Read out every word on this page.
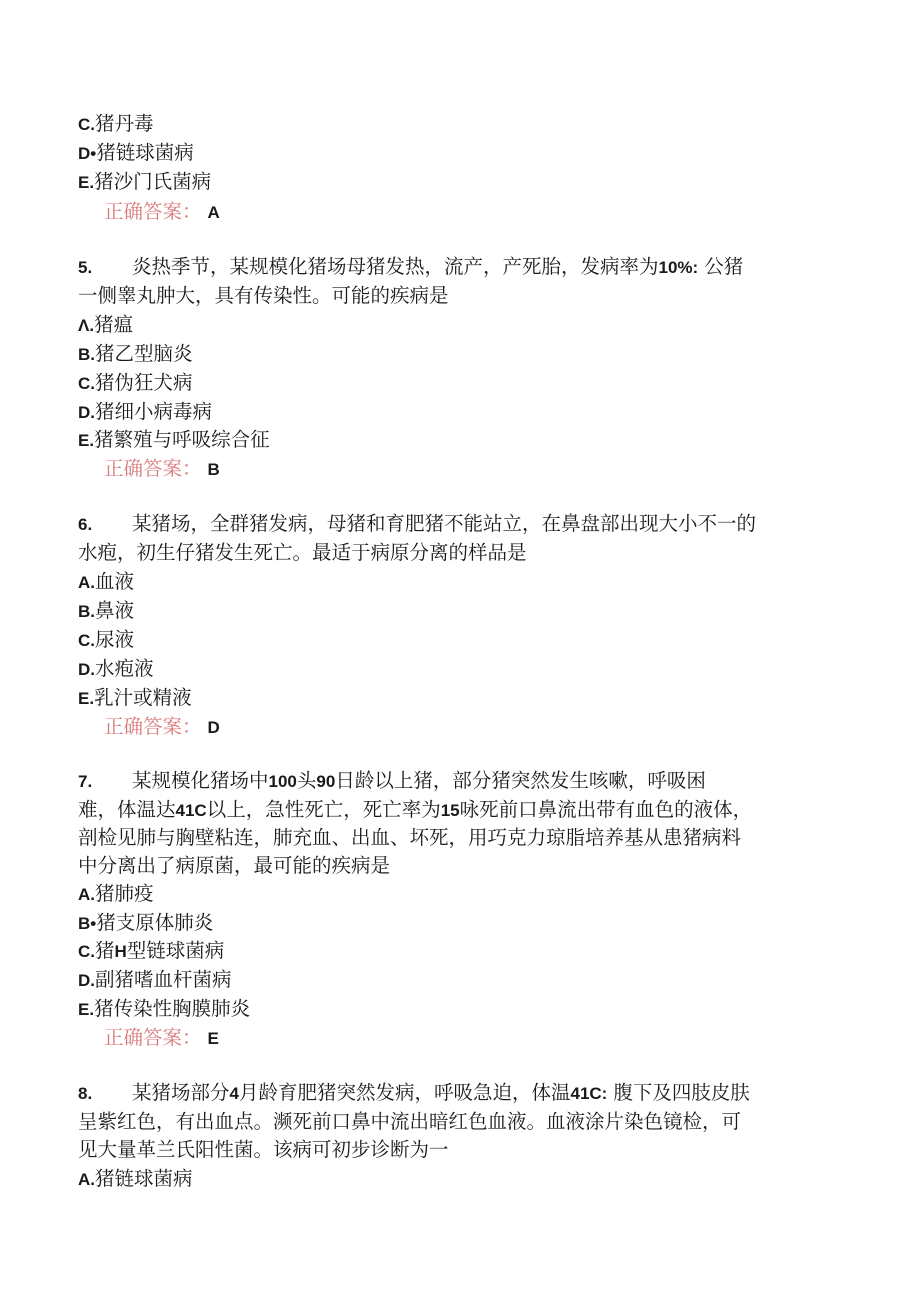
C.猪丹毒
D•猪链球菌病
E.猪沙门氏菌病
正确答案： A
5. 炎热季节，某规模化猪场母猪发热，流产，产死胎，发病率为10%: 公猪
一侧睾丸肿大，具有传染性。可能的疾病是
Λ.猪瘟
B.猪乙型脑炎
C.猪伪狂犬病
D.猪细小病毒病
E.猪繁殖与呼吸综合征
正确答案： B
6. 某猪场，全群猪发病，母猪和育肥猪不能站立，在鼻盘部出现大小不一的
水疱，初生仔猪发生死亡。最适于病原分离的样品是
A.血液
B.鼻液
C.尿液
D.水疱液
E.乳汁或精液
正确答案： D
7. 某规模化猪场中100头90日龄以上猪，部分猪突然发生咳嗽，呼吸困
难，体温达41C以上，急性死亡，死亡率为15咏死前口鼻流出带有血色的液体，
剖检见肺与胸壁粘连，肺充血、出血、坏死，用巧克力琼脂培养基从患猪病料
中分离出了病原菌，最可能的疾病是
A.猪肺疫
B•猪支原体肺炎
C.猪H型链球菌病
D.副猪嗜血杆菌病
E.猪传染性胸膜肺炎
正确答案： E
8. 某猪场部分4月龄育肥猪突然发病，呼吸急迫，体温41C: 腹下及四肢皮肤
呈紫红色，有出血点。濒死前口鼻中流出暗红色血液。血液涂片染色镜检，可
见大量革兰氏阳性菌。该病可初步诊断为一
A.猪链球菌病
